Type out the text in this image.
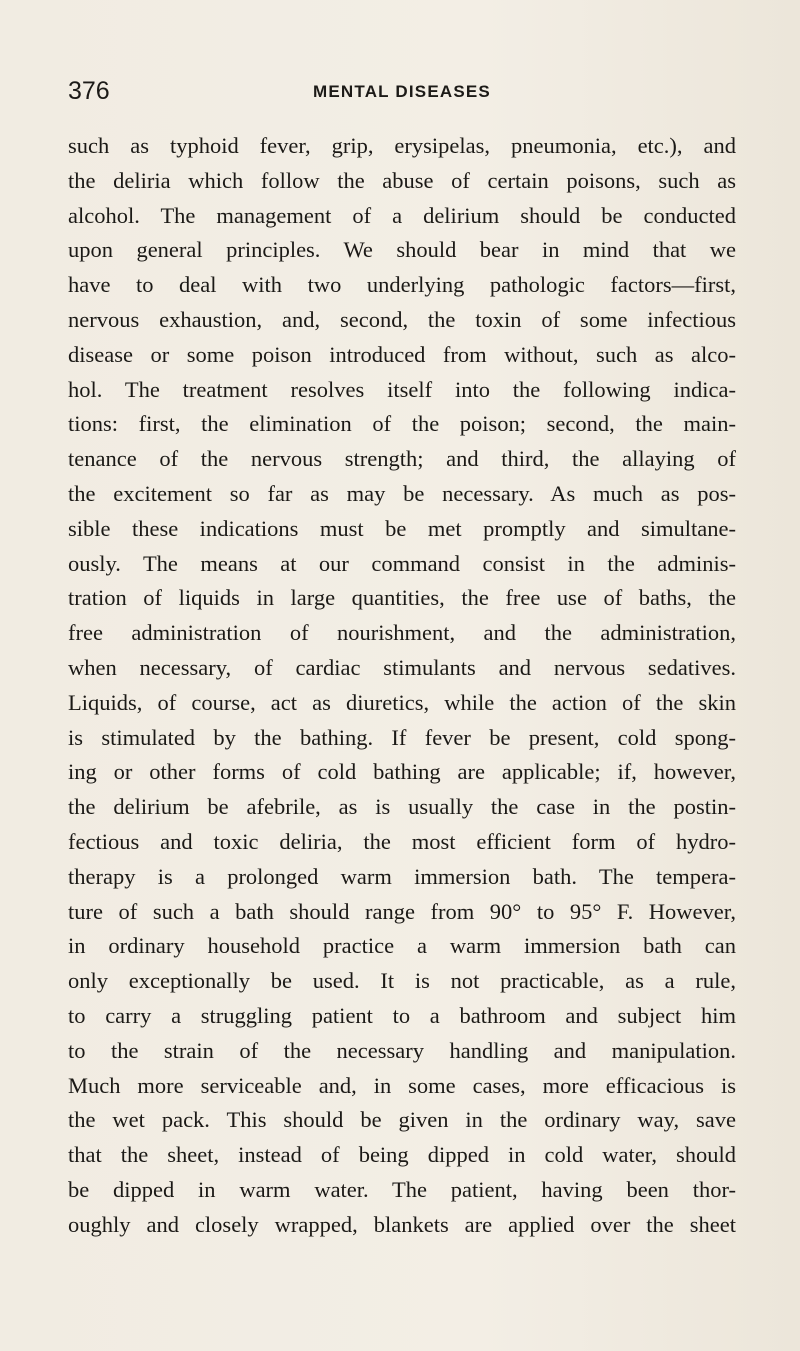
376	MENTAL DISEASES
such as typhoid fever, grip, erysipelas, pneumonia, etc.), and
the deliria which follow the abuse of certain poisons, such as
alcohol. The management of a delirium should be conducted
upon general principles. We should bear in mind that we
have to deal with two underlying pathologic factors—first,
nervous exhaustion, and, second, the toxin of some infectious
disease or some poison introduced from without, such as alco-
hol. The treatment resolves itself into the following indica-
tions: first, the elimination of the poison; second, the main-
tenance of the nervous strength; and third, the allaying of
the excitement so far as may be necessary. As much as pos-
sible these indications must be met promptly and simultane-
ously. The means at our command consist in the adminis-
tration of liquids in large quantities, the free use of baths, the
free administration of nourishment, and the administration,
when necessary, of cardiac stimulants and nervous sedatives.
Liquids, of course, act as diuretics, while the action of the skin
is stimulated by the bathing. If fever be present, cold spong-
ing or other forms of cold bathing are applicable; if, however,
the delirium be afebrile, as is usually the case in the postin-
fectious and toxic deliria, the most efficient form of hydro-
therapy is a prolonged warm immersion bath. The tempera-
ture of such a bath should range from 90° to 95° F. However,
in ordinary household practice a warm immersion bath can
only exceptionally be used. It is not practicable, as a rule,
to carry a struggling patient to a bathroom and subject him
to the strain of the necessary handling and manipulation.
Much more serviceable and, in some cases, more efficacious is
the wet pack. This should be given in the ordinary way, save
that the sheet, instead of being dipped in cold water, should
be dipped in warm water. The patient, having been thor-
oughly and closely wrapped, blankets are applied over the sheet
